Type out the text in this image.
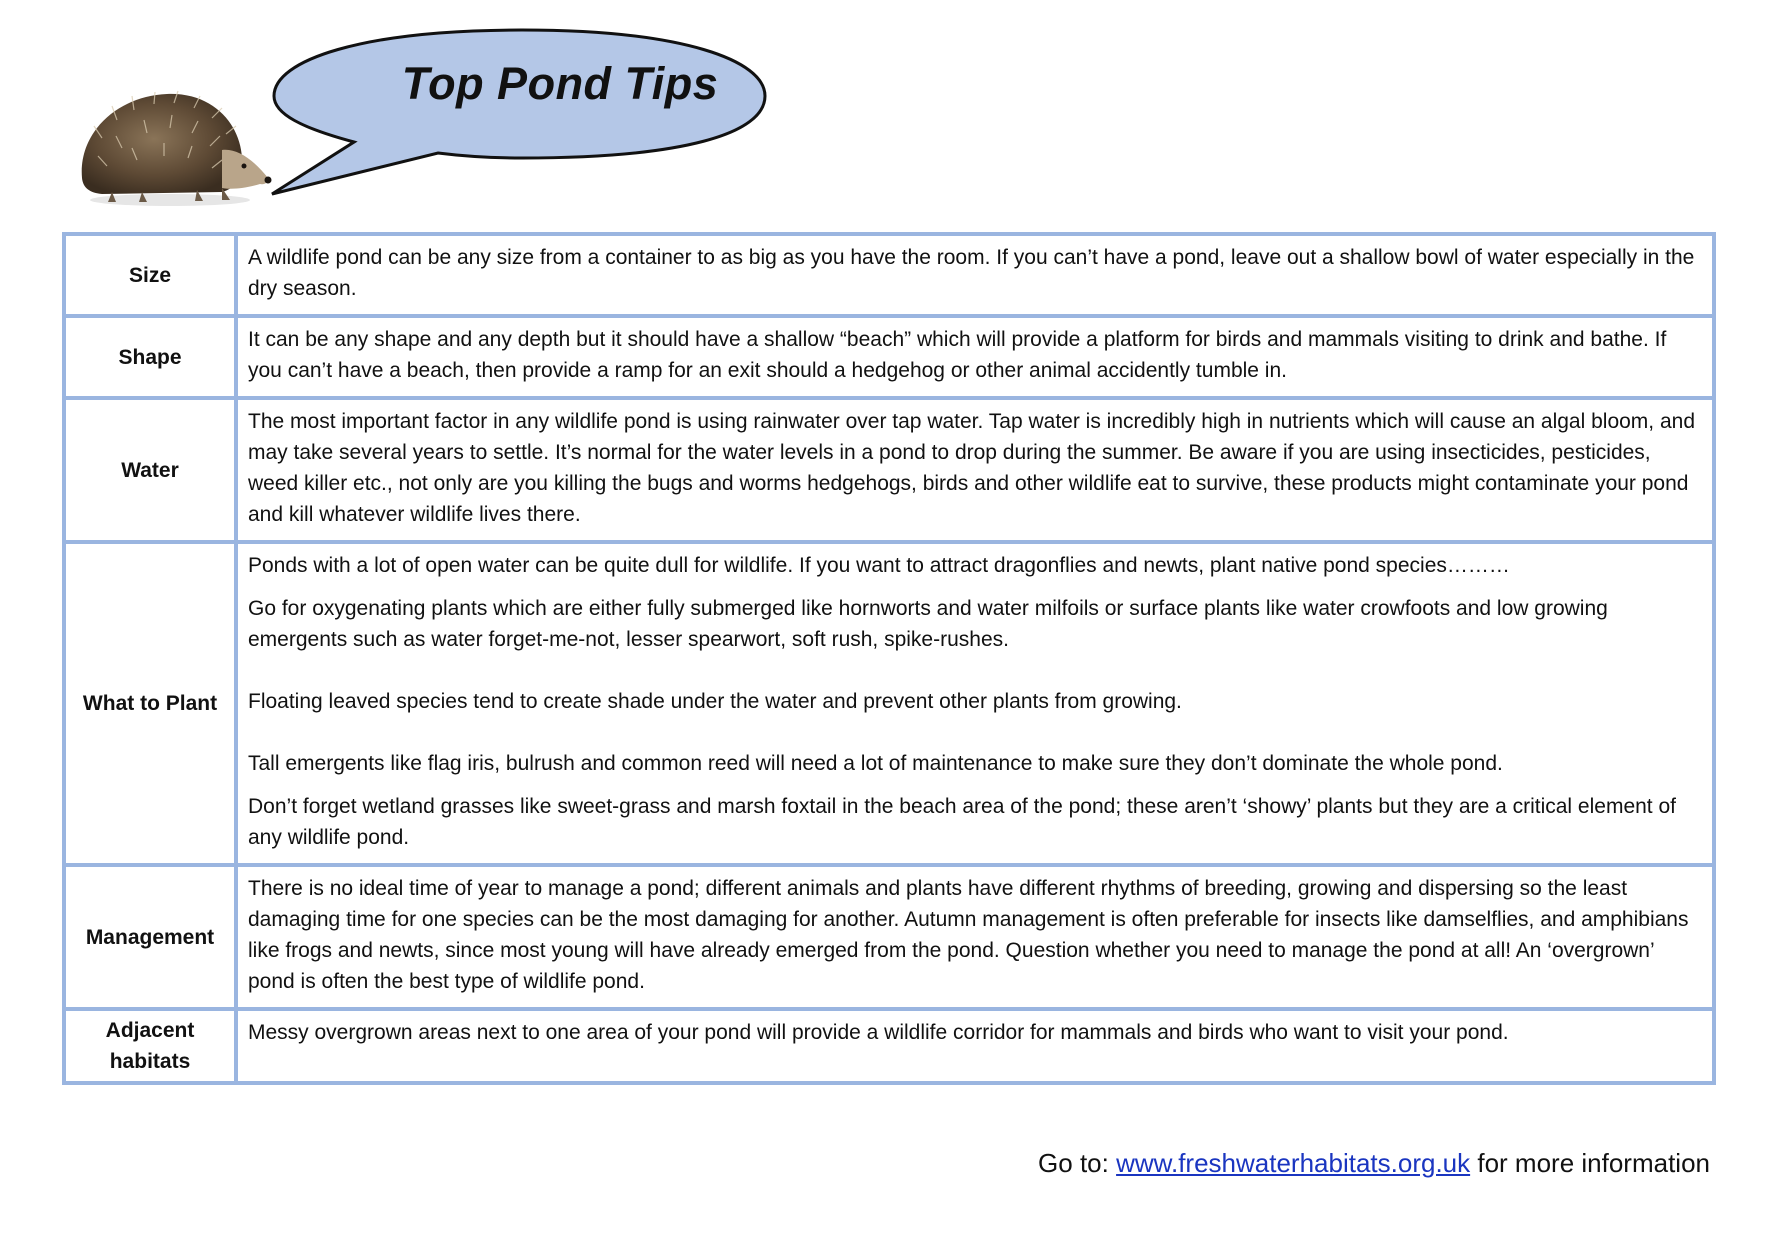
Top Pond Tips
Size	A wildlife pond can be any size from a container to as big as you have the room. If you can’t have a pond, leave out a shallow bowl of water especially in the dry season.

Shape	It can be any shape and any depth but it should have a shallow “beach” which will provide a platform for birds and mammals visiting to drink and bathe. If you can’t have a beach, then provide a ramp for an exit should a hedgehog or other animal accidently tumble in.

Water	The most important factor in any wildlife pond is using rainwater over tap water. Tap water is incredibly high in nutrients which will cause an algal bloom, and may take several years to settle. It’s normal for the water levels in a pond to drop during the summer. Be aware if you are using insecticides, pesticides, weed killer etc., not only are you killing the bugs and worms hedgehogs, birds and other wildlife eat to survive, these products might contaminate your pond and kill whatever wildlife lives there.

What to Plant	Ponds with a lot of open water can be quite dull for wildlife. If you want to attract dragonflies and newts, plant native pond species………

Go for oxygenating plants which are either fully submerged like hornworts and water milfoils or surface plants like water crowfoots and low growing emergents such as water forget-me-not, lesser spearwort, soft rush, spike-rushes.

Floating leaved species tend to create shade under the water and prevent other plants from growing.

Tall emergents like flag iris, bulrush and common reed will need a lot of maintenance to make sure they don’t dominate the whole pond.

Don’t forget wetland grasses like sweet-grass and marsh foxtail in the beach area of the pond; these aren’t ‘showy’ plants but they are a critical element of any wildlife pond.

Management	There is no ideal time of year to manage a pond; different animals and plants have different rhythms of breeding, growing and dispersing so the least damaging time for one species can be the most damaging for another. Autumn management is often preferable for insects like damselflies, and amphibians like frogs and newts, since most young will have already emerged from the pond. Question whether you need to manage the pond at all! An ‘overgrown’ pond is often the best type of wildlife pond.

Adjacent habitats	Messy overgrown areas next to one area of your pond will provide a wildlife corridor for mammals and birds who want to visit your pond.

Go to: www.freshwaterhabitats.org.uk for more information
